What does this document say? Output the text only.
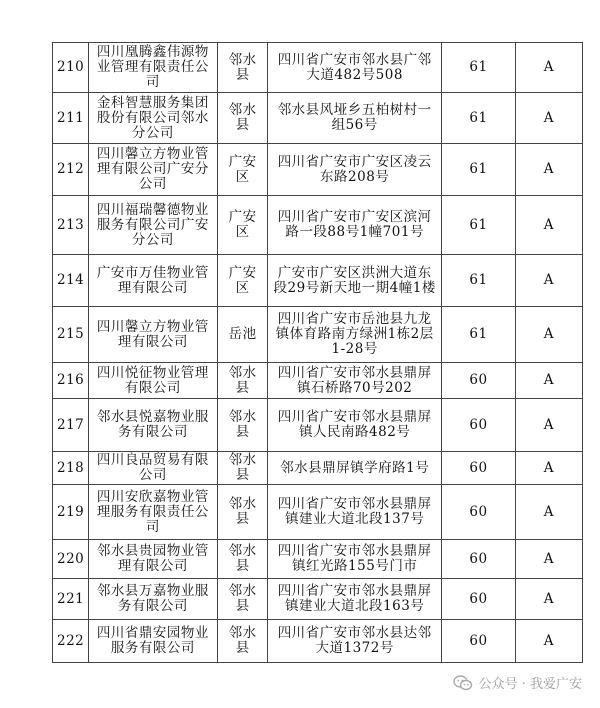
210	四川凰腾鑫伟源物业管理有限责任公司	邻水县	四川省广安市邻水县广邻大道482号508	61	A
211	金科智慧服务集团股份有限公司邻水分公司	邻水县	邻水县风垭乡五柏树村一组56号	61	A
212	四川馨立方物业管理有限公司广安分公司	广安区	四川省广安市广安区凌云东路208号	61	A
213	四川福瑞馨德物业服务有限公司广安分公司	广安区	四川省广安市广安区滨河路一段88号1幢701号	61	A
214	广安市万佳物业管理有限公司	广安区	广安市广安区洪洲大道东段29号新天地一期4幢1楼	61	A
215	四川馨立方物业管理有限公司	岳池	四川省广安市岳池县九龙镇体育路南方绿洲1栋2层1-28号	61	A
216	四川悦征物业管理有限公司	邻水县	四川省广安市邻水县鼎屏镇石桥路70号202	60	A
217	邻水县悦嘉物业服务有限公司	邻水县	四川省广安市邻水县鼎屏镇人民南路482号	60	A
218	四川良品贸易有限公司	邻水县	邻水县鼎屏镇学府路1号	60	A
219	四川安欣嘉物业管理服务有限责任公司	邻水县	四川省广安市邻水县鼎屏镇建业大道北段137号	60	A
220	邻水县贵园物业管理有限公司	邻水县	四川省广安市邻水县鼎屏镇红光路155号门市	60	A
221	邻水县万嘉物业服务有限公司	邻水县	四川省广安市邻水县鼎屏镇建业大道北段163号	60	A
222	四川省鼎安园物业服务有限公司	邻水县	四川省广安市邻水县达邻大道1372号	60	A
公众号 · 我爱广安
